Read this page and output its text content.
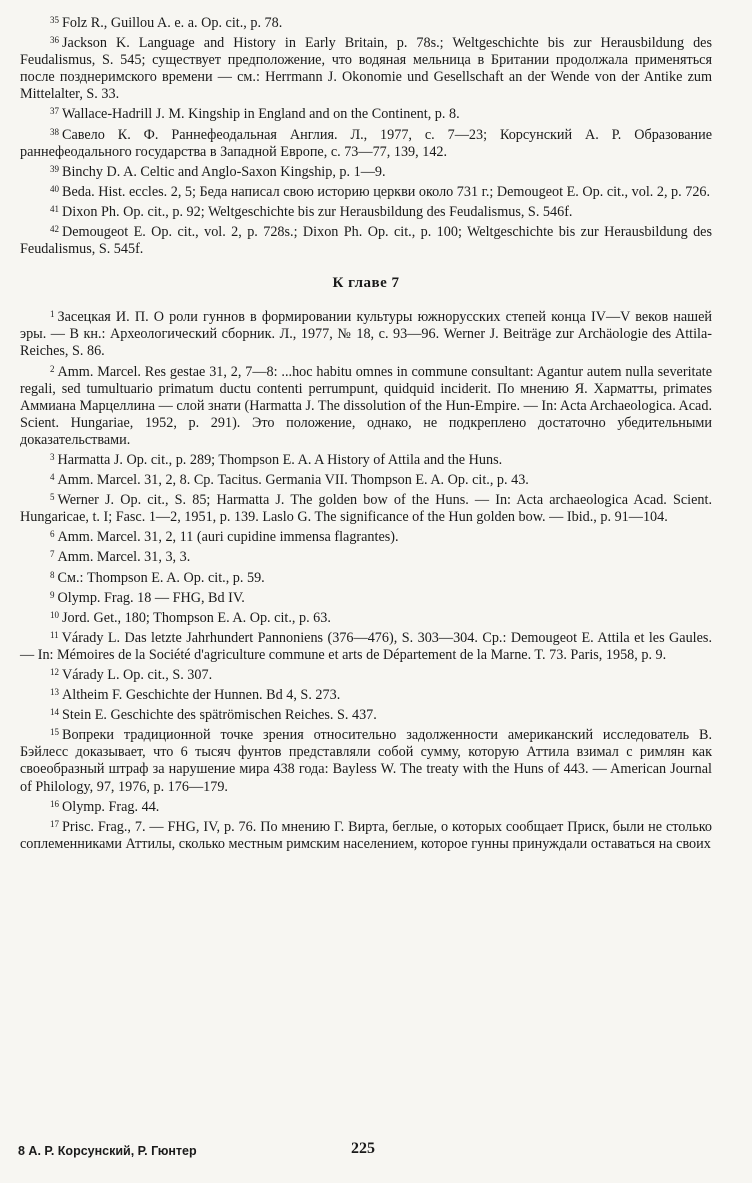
$^{35}$ Folz R., Guillou A. e. a. Op. cit., p. 78.

$^{36}$ Jackson K. Language and History in Early Britain, p. 78s.; Weltgeschichte bis zur Herausbildung des Feudalismus, S. 545; существует предположение, что водяная мельница в Британии продолжала применяться после позднеримского времени — см.: Herrmann J. Okonomie und Gesellschaft an der Wende von der Antike zum Mittelalter, S. 33.

$^{37}$ Wallace-Hadrill J. M. Kingship in England and on the Continent, p. 8.

$^{38}$ Савело К. Ф. Раннефеодальная Англия. Л., 1977, с. 7—23; Корсунский А. Р. Образование раннефеодального государства в Западной Европе, с. 73—77, 139, 142.

$^{39}$ Binchy D. A. Celtic and Anglo-Saxon Kingship, p. 1—9.

$^{40}$ Beda. Hist. eccles. 2, 5; Беда написал свою историю церкви около 731 г.; Demougeot E. Op. cit., vol. 2, p. 726.

$^{41}$ Dixon Ph. Op. cit., p. 92; Weltgeschichte bis zur Herausbildung des Feudalismus, S. 546f.

$^{42}$ Demougeot E. Op. cit., vol. 2, p. 728s.; Dixon Ph. Op. cit., p. 100; Weltgeschichte bis zur Herausbildung des Feudalismus, S. 545f.

К главе 7

$^1$ Засецкая И. П. О роли гуннов в формировании культуры южнорусских степей конца IV—V веков нашей эры. — В кн.: Археологический сборник. Л., 1977, № 18, с. 93—96. Werner J. Beiträge zur Archäologie des Attila-Reiches, S. 86.

$^2$ Amm. Marcel. Res gestae 31, 2, 7—8: ...hoc habitu omnes in commune consultant: Agantur autem nulla severitate regali, sed tumultuario primatum ductu contenti perrumpunt, quidquid inciderit. По мнению Я. Харматты, primates Аммиана Марцеллина — слой знати (Harmatta J. The dissolution of the Hun-Empire. — In: Acta Archaeologica. Acad. Scient. Hungariae, 1952, p. 291). Это положение, однако, не подкреплено достаточно убедительными доказательствами.

$^3$ Harmatta J. Op. cit., p. 289; Thompson E. A. A History of Attila and the Huns.

$^4$ Amm. Marcel. 31, 2, 8. Ср. Tacitus. Germania VII. Thompson E. A. Op. cit., p. 43.

$^5$ Werner J. Op. cit., S. 85; Harmatta J. The golden bow of the Huns. — In: Acta archaeologica Acad. Scient. Hungaricae, t. I; Fasc. 1—2, 1951, p. 139. Laslo G. The significance of the Hun golden bow. — Ibid., p. 91—104.

$^6$ Amm. Marcel. 31, 2, 11 (auri cupidine immensa flagrantes).

$^7$ Amm. Marcel. 31, 3, 3.

$^8$ См.: Thompson E. A. Op. cit., p. 59.

$^9$ Olymp. Frag. 18 — FHG, Bd IV.

$^{10}$ Jord. Get., 180; Thompson E. A. Op. cit., p. 63.

$^{11}$ Várady L. Das letzte Jahrhundert Pannoniens (376—476), S. 303—304. Ср.: Demougeot E. Attila et les Gaules. — In: Mémoires de la Société d'agriculture commune et arts de Département de la Marne. T. 73. Paris, 1958, p. 9.

$^{12}$ Várady L. Op. cit., S. 307.

$^{13}$ Altheim F. Geschichte der Hunnen. Bd 4, S. 273.

$^{14}$ Stein E. Geschichte des spätrömischen Reiches. S. 437.

$^{15}$ Вопреки традиционной точке зрения относительно задолженности американский исследователь В. Бэйлесс доказывает, что 6 тысяч фунтов представляли собой сумму, которую Аттила взимал с римлян как своеобразный штраф за нарушение мира 438 года: Bayless W. The treaty with the Huns of 443. — American Journal of Philology, 97, 1976, p. 176—179.

$^{16}$ Olymp. Frag. 44.

$^{17}$ Prisc. Frag., 7. — FHG, IV, p. 76. По мнению Г. Вирта, беглые, о которых сообщает Приск, были не столько соплеменниками Аттилы, сколько местным римским населением, которое гунны принуждали оставаться на своих

8 А. Р. Корсунский, Р. Гюнтер	225
